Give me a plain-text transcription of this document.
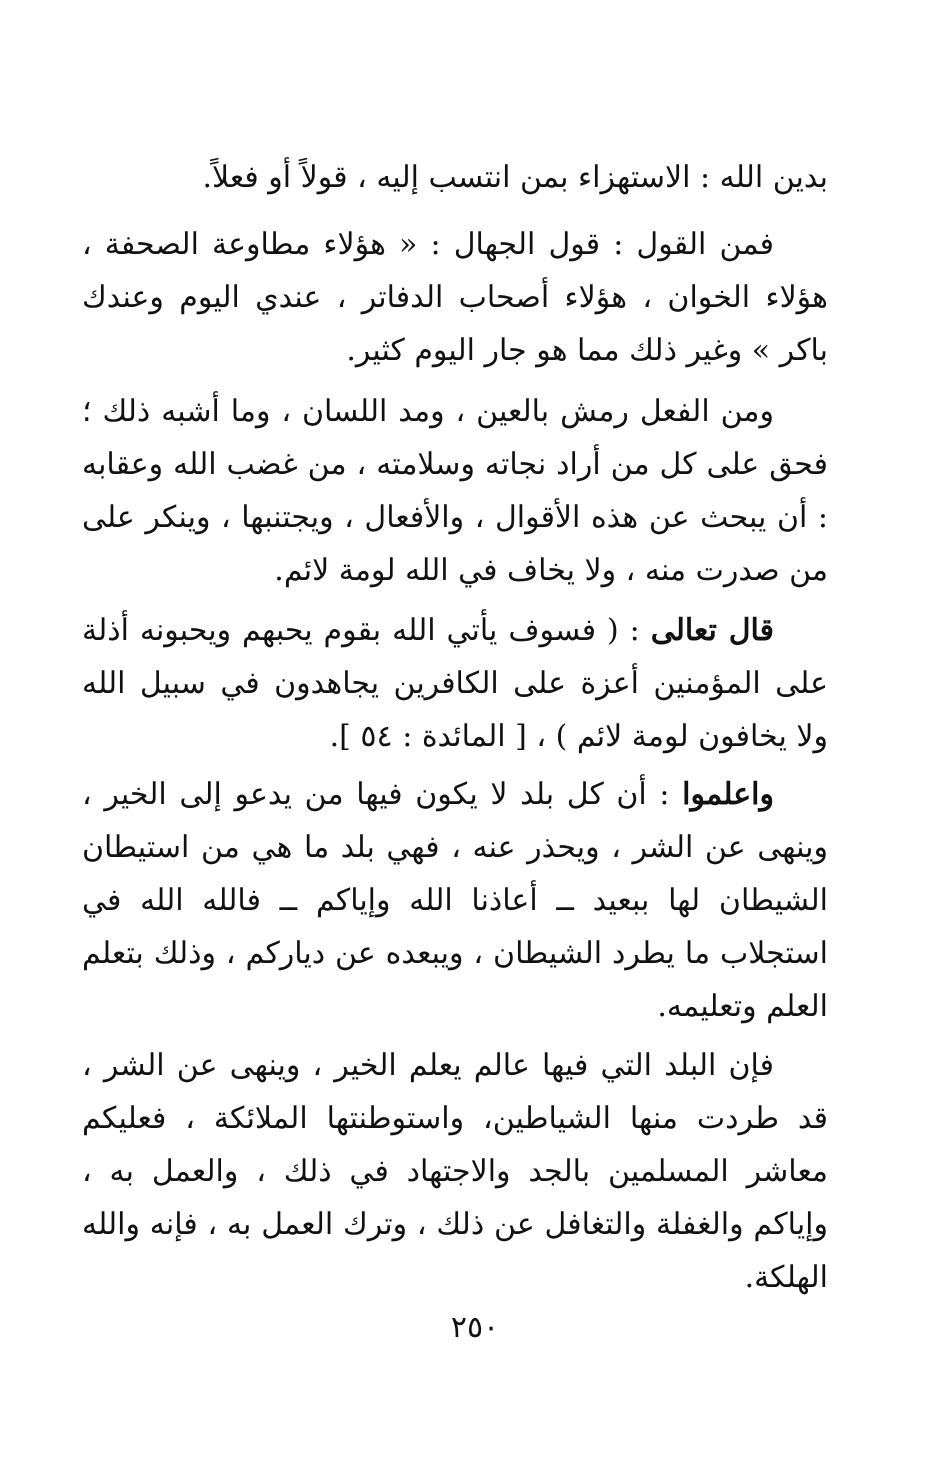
بدين الله : الاستهزاء بمن انتسب إليه ، قولاً أو فعلاً.

فمن القول : قول الجهال : « هؤلاء مطاوعة الصحفة ، هؤلاء الخوان ، هؤلاء أصحاب الدفاتر ، عندي اليوم وعندك باكر » وغير ذلك مما هو جار اليوم كثير.

ومن الفعل رمش بالعين ، ومد اللسان ، وما أشبه ذلك ؛ فحق على كل من أراد نجاته وسلامته ، من غضب الله وعقابه : أن يبحث عن هذه الأقوال ، والأفعال ، ويجتنبها ، وينكر على من صدرت منه ، ولا يخاف في الله لومة لائم.

قال تعالى : ( فسوف يأتي الله بقوم يحبهم ويحبونه أذلة على المؤمنين أعزة على الكافرين يجاهدون في سبيل الله ولا يخافون لومة لائم ) ، [ المائدة : ٥٤ ].

واعلموا : أن كل بلد لا يكون فيها من يدعو إلى الخير ، وينهى عن الشر ، ويحذر عنه ، فهي بلد ما هي من استيطان الشيطان لها ببعيد ــ أعاذنا الله وإياكم ــ فالله الله في استجلاب ما يطرد الشيطان ، ويبعده عن دياركم ، وذلك بتعلم العلم وتعليمه.

فإن البلد التي فيها عالم يعلم الخير ، وينهى عن الشر ، قد طردت منها الشياطين، واستوطنتها الملائكة ، فعليكم معاشر المسلمين بالجد والاجتهاد في ذلك ، والعمل به ، وإياكم والغفلة والتغافل عن ذلك ، وترك العمل به ، فإنه والله الهلكة.

٢٥٠
